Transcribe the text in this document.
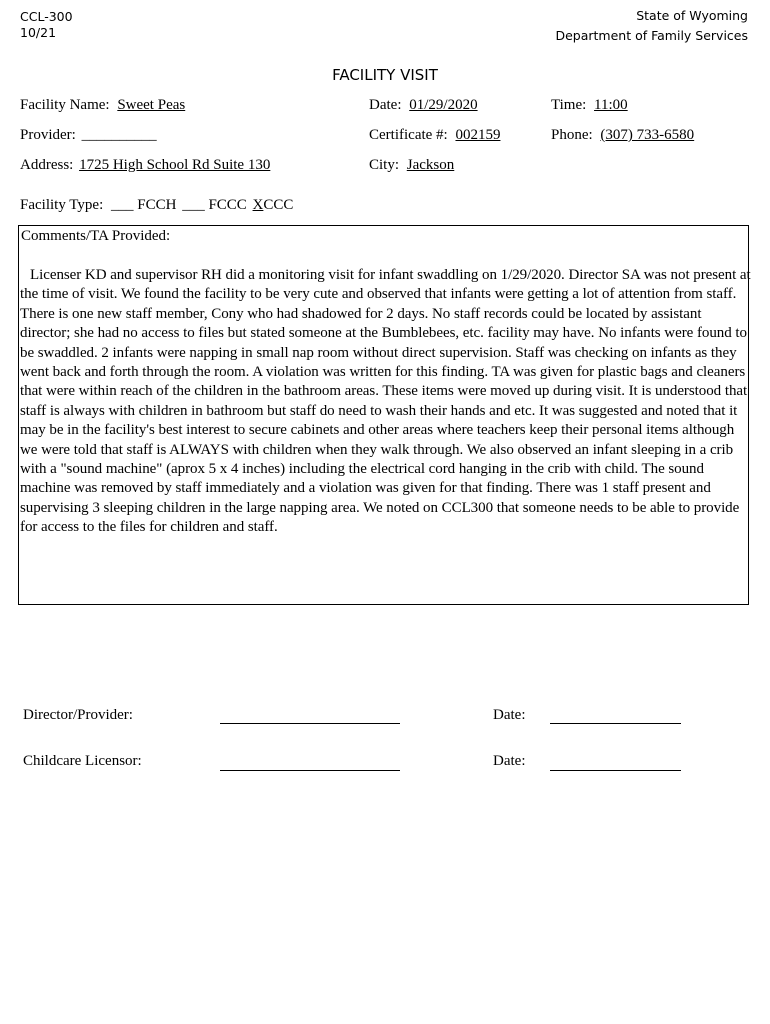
CCL-300
10/21
State of Wyoming
Department of Family Services
FACILITY VISIT
Facility Name: Sweet Peas	Date: 01/29/2020	Time: 11:00
Provider: __________	Certificate #: 002159	Phone: (307) 733-6580
Address: 1725 High School Rd Suite 130	City: Jackson
Facility Type: ___ FCCH ___ FCCC XCCC
Comments/TA Provided:
Licenser KD and supervisor RH did a monitoring visit for infant swaddling on 1/29/2020. Director SA was not present at the time of visit. We found the facility to be very cute and observed that infants were getting a lot of attention from staff. There is one new staff member, Cony who had shadowed for 2 days. No staff records could be located by assistant director; she had no access to files but stated someone at the Bumblebees, etc. facility may have. No infants were found to be swaddled. 2 infants were napping in small nap room without direct supervision. Staff was checking on infants as they went back and forth through the room. A violation was written for this finding. TA was given for plastic bags and cleaners that were within reach of the children in the bathroom areas. These items were moved up during visit. It is understood that staff is always with children in bathroom but staff do need to wash their hands and etc. It was suggested and noted that it may be in the facility's best interest to secure cabinets and other areas where teachers keep their personal items although we were told that staff is ALWAYS with children when they walk through. We also observed an infant sleeping in a crib with a "sound machine" (aprox 5 x 4 inches) including the electrical cord hanging in the crib with child. The sound machine was removed by staff immediately and a violation was given for that finding. There was 1 staff present and supervising 3 sleeping children in the large napping area. We noted on CCL300 that someone needs to be able to provide for access to the files for children and staff.
Director/Provider:	Date:
Childcare Licensor:	Date:
